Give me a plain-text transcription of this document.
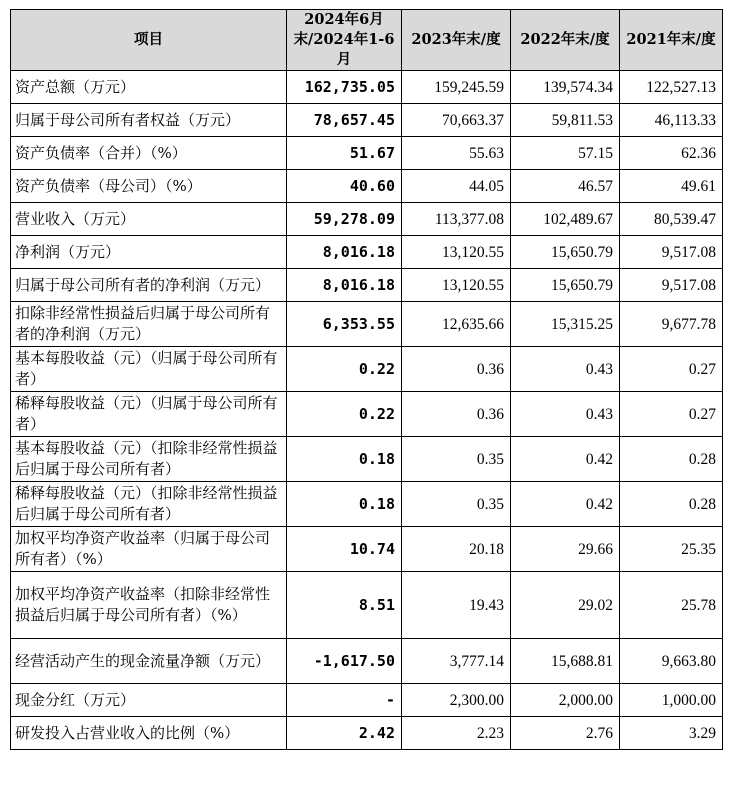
项目	2024年6月末/2024年1-6月	2023年末/度	2022年末/度	2021年末/度
资产总额（万元）	162,735.05	159,245.59	139,574.34	122,527.13
归属于母公司所有者权益（万元）	78,657.45	70,663.37	59,811.53	46,113.33
资产负债率（合并）（%）	51.67	55.63	57.15	62.36
资产负债率（母公司）（%）	40.60	44.05	46.57	49.61
营业收入（万元）	59,278.09	113,377.08	102,489.67	80,539.47
净利润（万元）	8,016.18	13,120.55	15,650.79	9,517.08
归属于母公司所有者的净利润（万元）	8,016.18	13,120.55	15,650.79	9,517.08
扣除非经常性损益后归属于母公司所有者的净利润（万元）	6,353.55	12,635.66	15,315.25	9,677.78
基本每股收益（元）（归属于母公司所有者）	0.22	0.36	0.43	0.27
稀释每股收益（元）（归属于母公司所有者）	0.22	0.36	0.43	0.27
基本每股收益（元）（扣除非经常性损益后归属于母公司所有者）	0.18	0.35	0.42	0.28
稀释每股收益（元）（扣除非经常性损益后归属于母公司所有者）	0.18	0.35	0.42	0.28
加权平均净资产收益率（归属于母公司所有者）（%）	10.74	20.18	29.66	25.35
加权平均净资产收益率（扣除非经常性损益后归属于母公司所有者）（%）	8.51	19.43	29.02	25.78
经营活动产生的现金流量净额（万元）	-1,617.50	3,777.14	15,688.81	9,663.80
现金分红（万元）	-	2,300.00	2,000.00	1,000.00
研发投入占营业收入的比例（%）	2.42	2.23	2.76	3.29
